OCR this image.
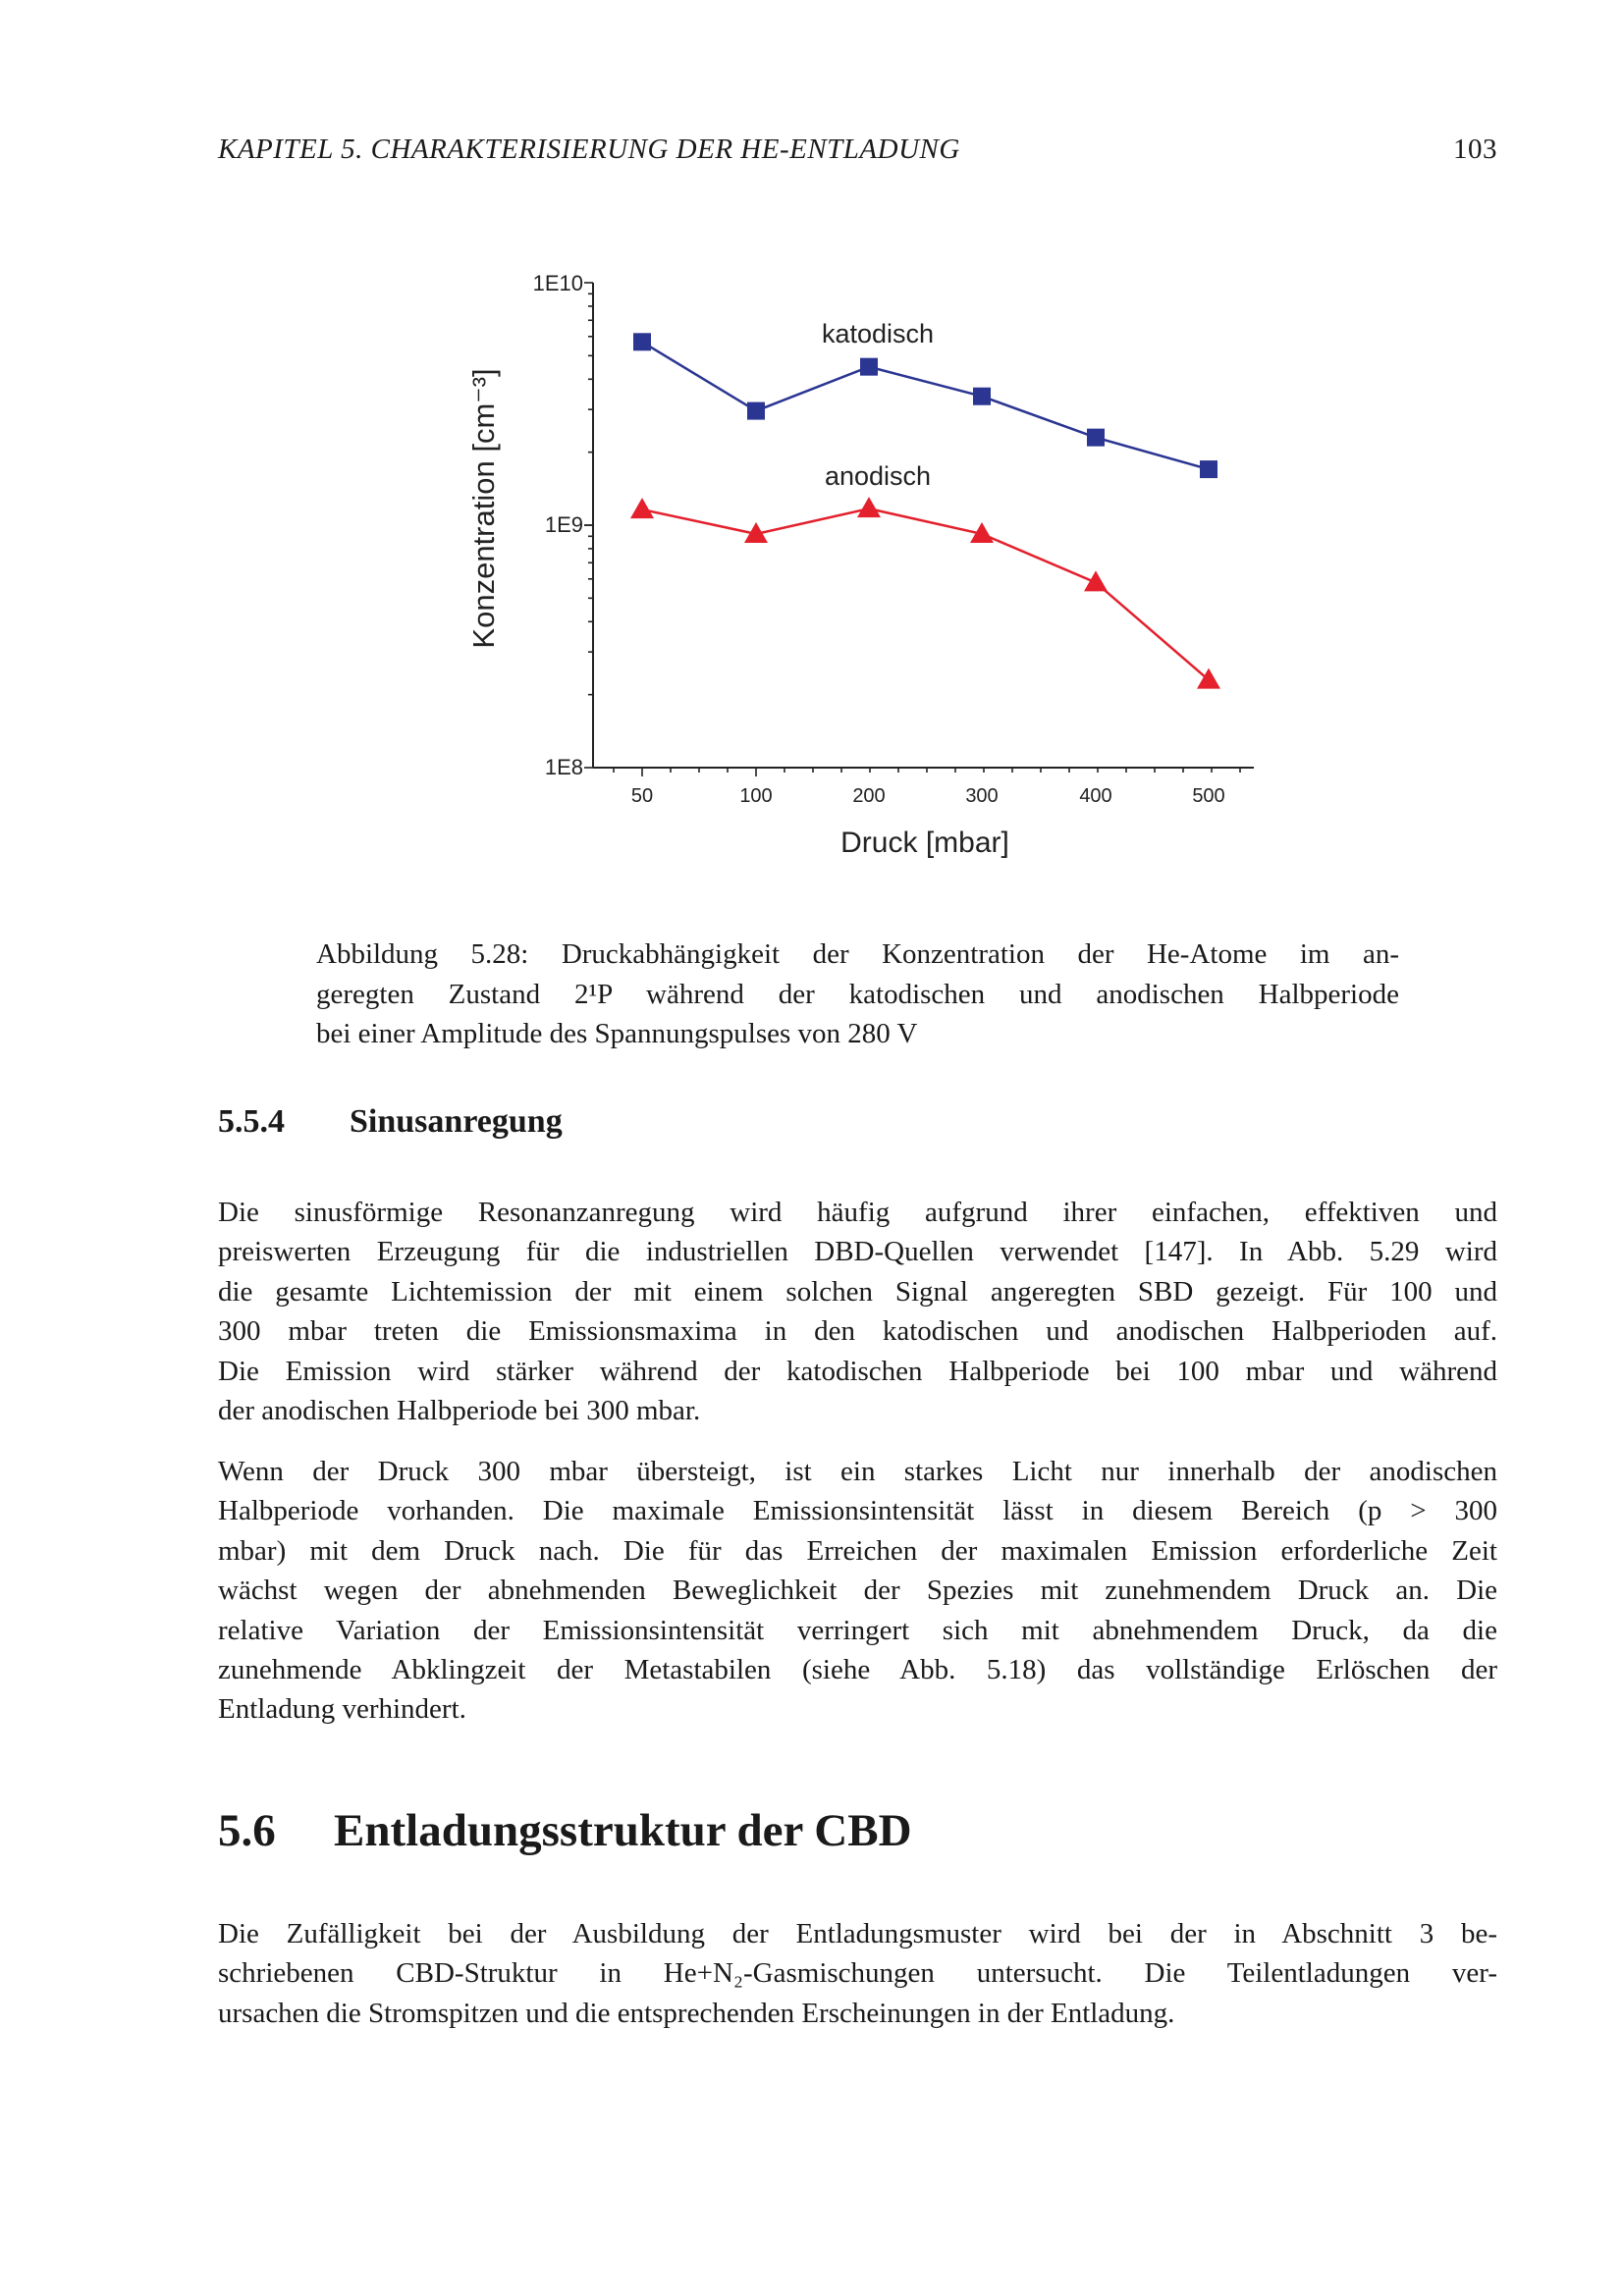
KAPITEL 5. CHARAKTERISIERUNG DER HE-ENTLADUNG	103
50	100	200	300	400	500
1E10
1E9
1E8
Konzentration [cm⁻³]
Druck [mbar]
katodisch
anodisch
Abbildung 5.28: Druckabhängigkeit der Konzentration der He-Atome im an-
geregten Zustand 2¹P während der katodischen und anodischen Halbperiode
bei einer Amplitude des Spannungspulses von 280 V
5.5.4 Sinusanregung
Die sinusförmige Resonanzanregung wird häufig aufgrund ihrer einfachen, effektiven und
preiswerten Erzeugung für die industriellen DBD-Quellen verwendet [147]. In Abb. 5.29 wird
die gesamte Lichtemission der mit einem solchen Signal angeregten SBD gezeigt. Für 100 und
300 mbar treten die Emissionsmaxima in den katodischen und anodischen Halbperioden auf.
Die Emission wird stärker während der katodischen Halbperiode bei 100 mbar und während
der anodischen Halbperiode bei 300 mbar.
Wenn der Druck 300 mbar übersteigt, ist ein starkes Licht nur innerhalb der anodischen
Halbperiode vorhanden. Die maximale Emissionsintensität lässt in diesem Bereich (p > 300
mbar) mit dem Druck nach. Die für das Erreichen der maximalen Emission erforderliche Zeit
wächst wegen der abnehmenden Beweglichkeit der Spezies mit zunehmendem Druck an. Die
relative Variation der Emissionsintensität verringert sich mit abnehmendem Druck, da die
zunehmende Abklingzeit der Metastabilen (siehe Abb. 5.18) das vollständige Erlöschen der
Entladung verhindert.
5.6 Entladungsstruktur der CBD
Die Zufälligkeit bei der Ausbildung der Entladungsmuster wird bei der in Abschnitt 3 be-
schriebenen CBD-Struktur in He+N₂-Gasmischungen untersucht. Die Teilentladungen ver-
ursachen die Stromspitzen und die entsprechenden Erscheinungen in der Entladung.
